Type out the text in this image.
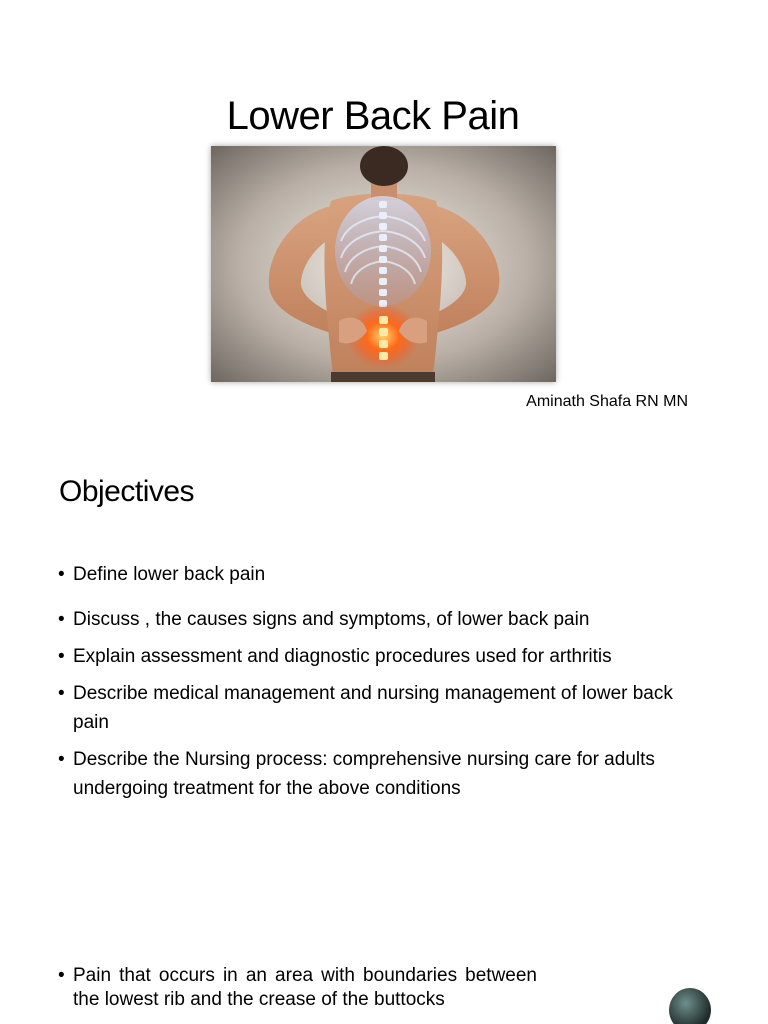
Lower Back Pain
Aminath Shafa RN MN
Objectives
• Define lower back pain
• Discuss , the causes signs and symptoms, of lower back pain
• Explain assessment and diagnostic procedures used for arthritis
• Describe medical management and nursing management of lower back pain
• Describe the Nursing process: comprehensive nursing care for adults undergoing treatment for the above conditions
• Pain that occurs in an area with boundaries between the lowest rib and the crease of the buttocks
